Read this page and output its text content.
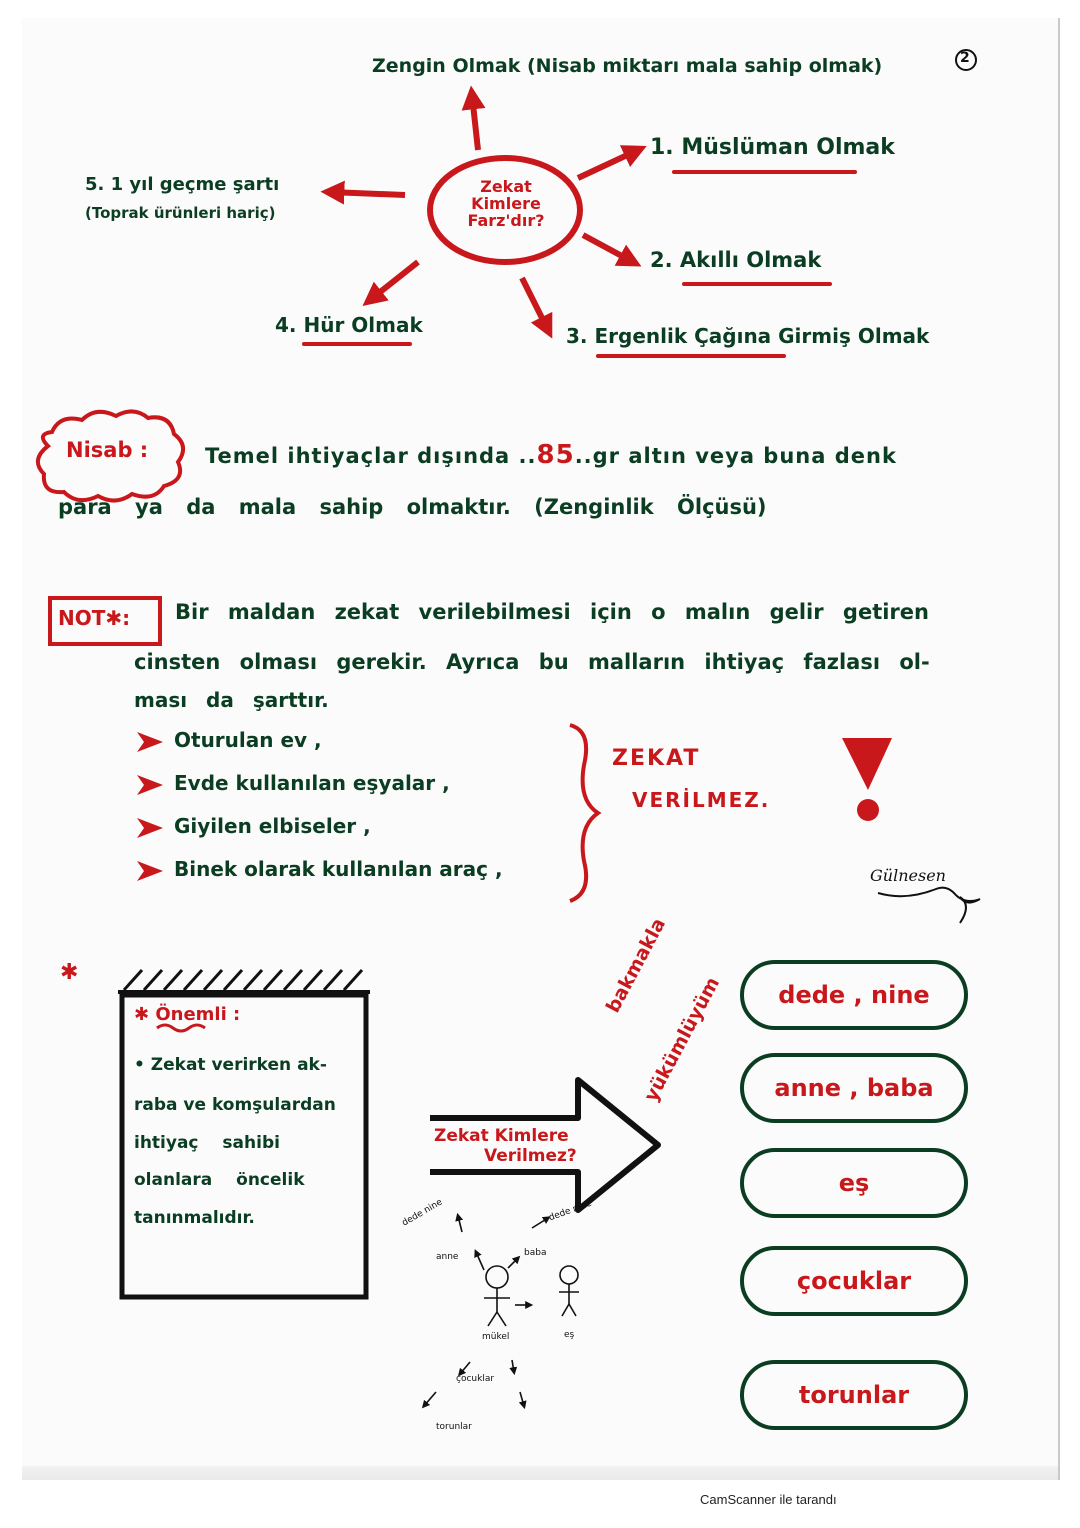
2
Zengin Olmak (Nisab miktarı mala sahip olmak)
Zekat
Kimlere
Farz'dır?
1. Müslüman Olmak
2. Akıllı Olmak
3. Ergenlik Çağına Girmiş Olmak
4. Hür Olmak
5. 1 yıl geçme şartı
(Toprak ürünleri hariç)
Nisab :	Temel ihtiyaçlar dışında ..85..gr altın veya buna denk
para ya da mala sahip olmaktır. (Zenginlik Ölçüsü)
NOT✱: Bir maldan zekat verilebilmesi için o malın gelir getiren
cinsten olması gerekir. Ayrıca bu malların ihtiyaç fazlası ol-
ması da şarttır.
Oturulan ev ,
Evde kullanılan eşyalar ,
Giyilen elbiseler ,
Binek olarak kullanılan araç ,
ZEKAT
VERİLMEZ.
Gülnesen
✱
✱ Önemli :
• Zekat verirken ak-
raba ve komşulardan
ihtiyaç sahibi
olanlara öncelik
tanınmalıdır.
Zekat Kimlere
Verilmez?
bakmakla
yükümlüyüm
dede nine	dede nine
anne	baba
mükel	eş
çocuklar
torunlar
dede , nine
anne , baba
eş
çocuklar
torunlar
CamScanner ile tarandı
